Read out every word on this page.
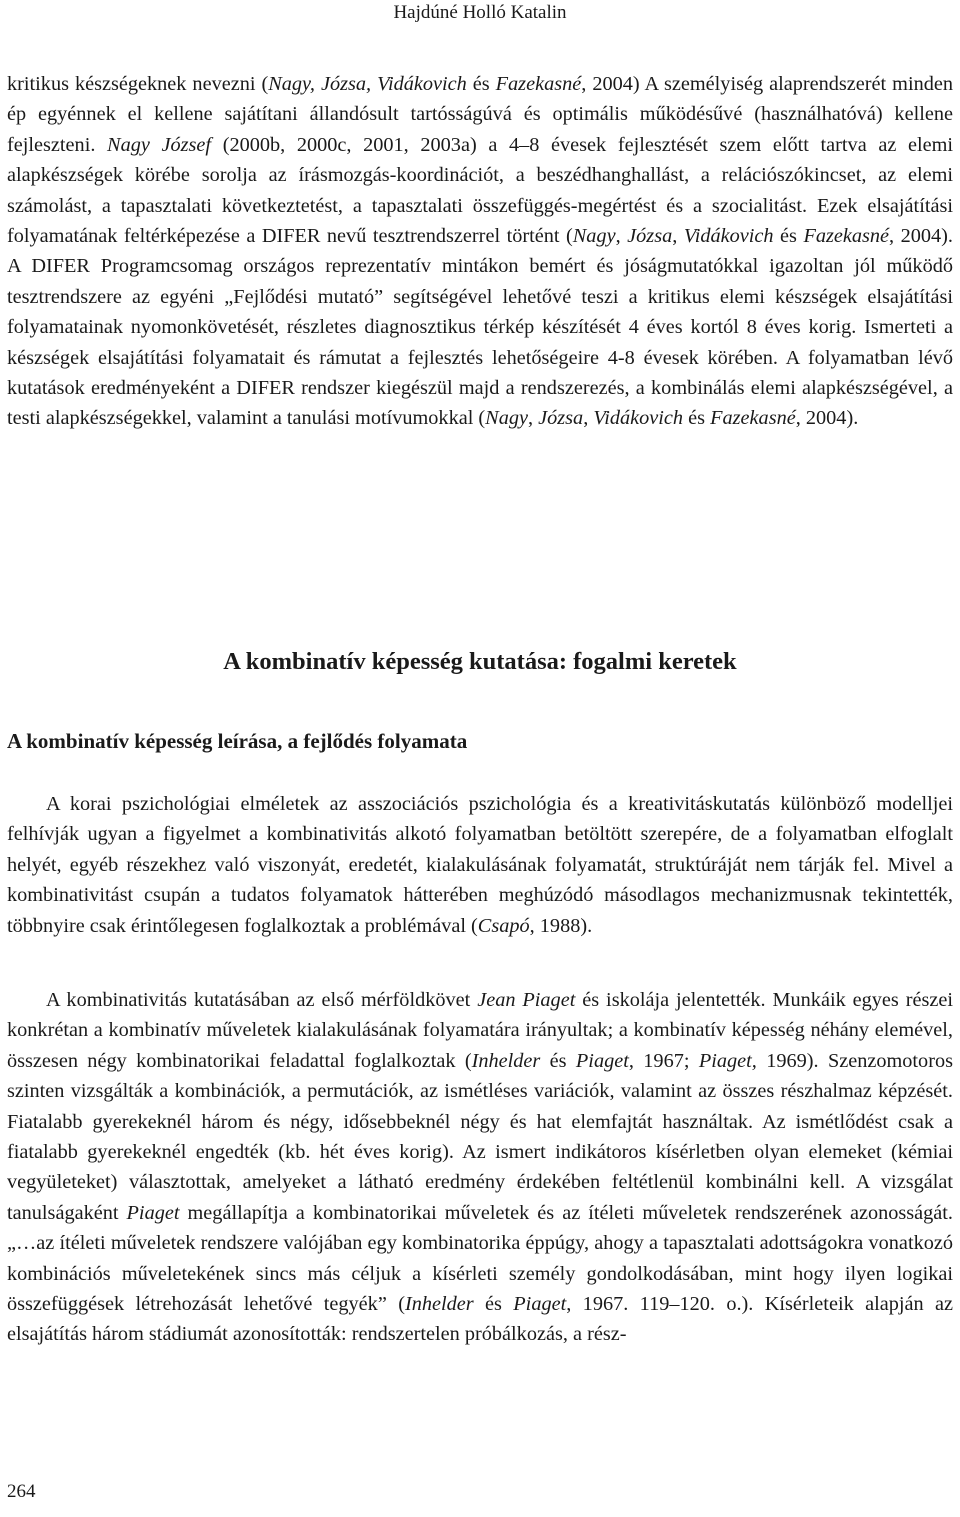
Hajdúné Holló Katalin

kritikus készségeknek nevezni (Nagy, Józsa, Vidákovich és Fazekasné, 2004) A személyiség alaprendszerét minden ép egyénnek el kellene sajátítani állandósult tartósságúvá és optimális működésűvé (használhatóvá) kellene fejleszteni. Nagy József (2000b, 2000c, 2001, 2003a) a 4–8 évesek fejlesztését szem előtt tartva az elemi alapkészségek körébe sorolja az írásmozgás-koordinációt, a beszédhanghallást, a relációszókincset, az elemi számolást, a tapasztalati következtetést, a tapasztalati összefüggés-megértést és a szocialitást. Ezek elsajátítási folyamatának feltérképezése a DIFER nevű tesztrendszerrel történt (Nagy, Józsa, Vidákovich és Fazekasné, 2004). A DIFER Programcsomag országos reprezentatív mintákon bemért és jóságmutatókkal igazoltan jól működő tesztrendszere az egyéni „Fejlődési mutató” segítségével lehetővé teszi a kritikus elemi készségek elsajátítási folyamatainak nyomonkövetését, részletes diagnosztikus térkép készítését 4 éves kortól 8 éves korig. Ismerteti a készségek elsajátítási folyamatait és rámutat a fejlesztés lehetőségeire 4-8 évesek körében. A folyamatban lévő kutatások eredményeként a DIFER rendszer kiegészül majd a rendszerezés, a kombinálás elemi alapkészségével, a testi alapkészségekkel, valamint a tanulási motívumokkal (Nagy, Józsa, Vidákovich és Fazekasné, 2004).

A kombinatív képesség kutatása: fogalmi keretek
A kombinatív képesség leírása, a fejlődés folyamata

A korai pszichológiai elméletek az asszociációs pszichológia és a kreativitáskutatás különböző modelljei felhívják ugyan a figyelmet a kombinativitás alkotó folyamatban betöltött szerepére, de a folyamatban elfoglalt helyét, egyéb részekhez való viszonyát, eredetét, kialakulásának folyamatát, struktúráját nem tárják fel. Mivel a kombinativitást csupán a tudatos folyamatok hátterében meghúzódó másodlagos mechanizmusnak tekintették, többnyire csak érintőlegesen foglalkoztak a problémával (Csapó, 1988).

A kombinativitás kutatásában az első mérföldkövet Jean Piaget és iskolája jelentették. Munkáik egyes részei konkrétan a kombinatív műveletek kialakulásának folyamatára irányultak; a kombinatív képesség néhány elemével, összesen négy kombinatorikai feladattal foglalkoztak (Inhelder és Piaget, 1967; Piaget, 1969). Szenzomotoros szinten vizsgálták a kombinációk, a permutációk, az ismétléses variációk, valamint az összes részhalmaz képzését. Fiatalabb gyerekeknél három és négy, idősebbeknél négy és hat elemfajtát használtak. Az ismétlődést csak a fiatalabb gyerekeknél engedték (kb. hét éves korig). Az ismert indikátoros kísérletben olyan elemeket (kémiai vegyületeket) választottak, amelyeket a látható eredmény érdekében feltétlenül kombinálni kell. A vizsgálat tanulságaként Piaget megállapítja a kombinatorikai műveletek és az ítéleti műveletek rendszerének azonosságát. „…az ítéleti műveletek rendszere valójában egy kombinatorika éppúgy, ahogy a tapasztalati adottságokra vonatkozó kombinációs műveletekének sincs más céljuk a kísérleti személy gondolkodásában, mint hogy ilyen logikai összefüggések létrehozását lehetővé tegyék” (Inhelder és Piaget, 1967. 119–120. o.). Kísérleteik alapján az elsajátítás három stádiumát azonosították: rendszertelen próbálkozás, a rész-

264
